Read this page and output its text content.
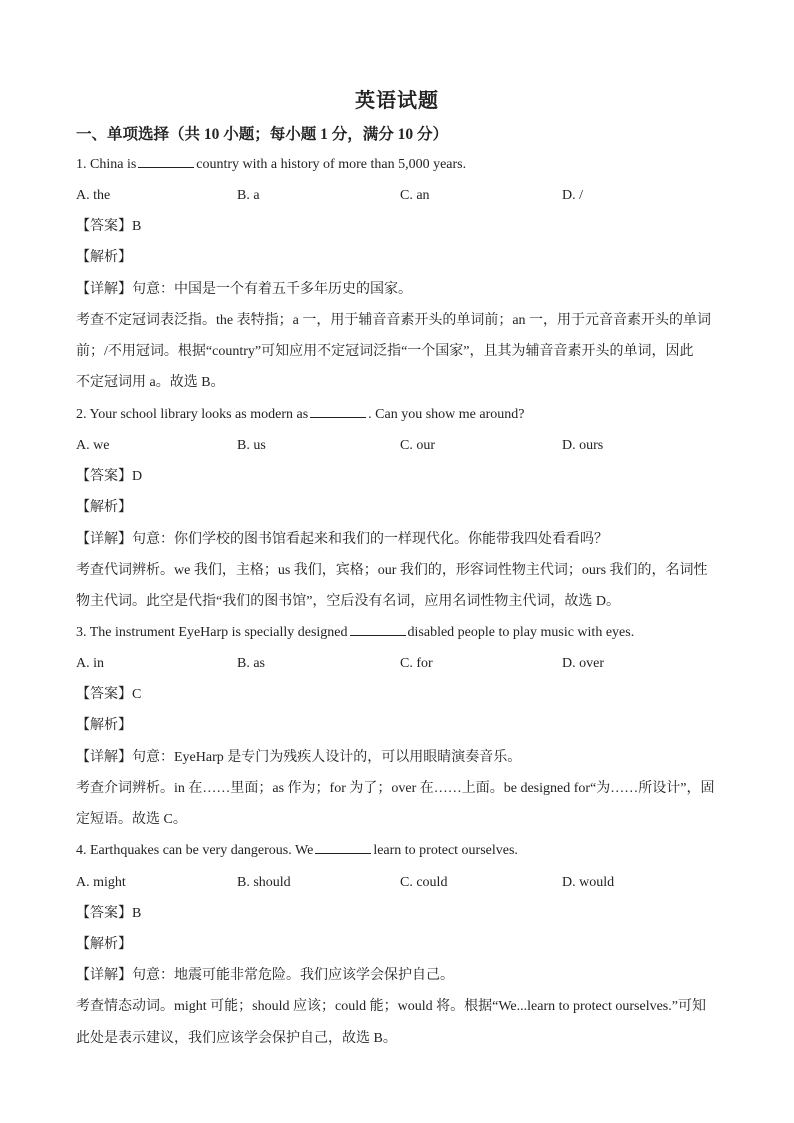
英语试题
一、单项选择（共 10 小题；每小题 1 分，满分 10 分）
1. China is	country with a history of more than 5,000 years.
A. the	B. a	C. an	D. /
【答案】B
【解析】
【详解】句意：中国是一个有着五千多年历史的国家。
考查不定冠词表泛指。the 表特指；a 一，用于辅音音素开头的单词前；an 一，用于元音音素开头的单词
前；/不用冠词。根据“country”可知应用不定冠词泛指“一个国家”，且其为辅音音素开头的单词，因此
不定冠词用 a。故选 B。
2. Your school library looks as modern as	. Can you show me around?
A. we	B. us	C. our	D. ours
【答案】D
【解析】
【详解】句意：你们学校的图书馆看起来和我们的一样现代化。你能带我四处看看吗？
考查代词辨析。we 我们，主格；us 我们，宾格；our 我们的，形容词性物主代词；ours 我们的，名词性
物主代词。此空是代指“我们的图书馆”，空后没有名词，应用名词性物主代词，故选 D。
3. The instrument EyeHarp is specially designed	disabled people to play music with eyes.
A. in	B. as	C. for	D. over
【答案】C
【解析】
【详解】句意：EyeHarp 是专门为残疾人设计的，可以用眼睛演奏音乐。
考查介词辨析。in 在……里面；as 作为；for 为了；over 在……上面。be designed for“为……所设计”，固
定短语。故选 C。
4. Earthquakes can be very dangerous. We	learn to protect ourselves.
A. might	B. should	C. could	D. would
【答案】B
【解析】
【详解】句意：地震可能非常危险。我们应该学会保护自己。
考查情态动词。might 可能；should 应该；could 能；would 将。根据“We...learn to protect ourselves.”可知
此处是表示建议，我们应该学会保护自己，故选 B。
